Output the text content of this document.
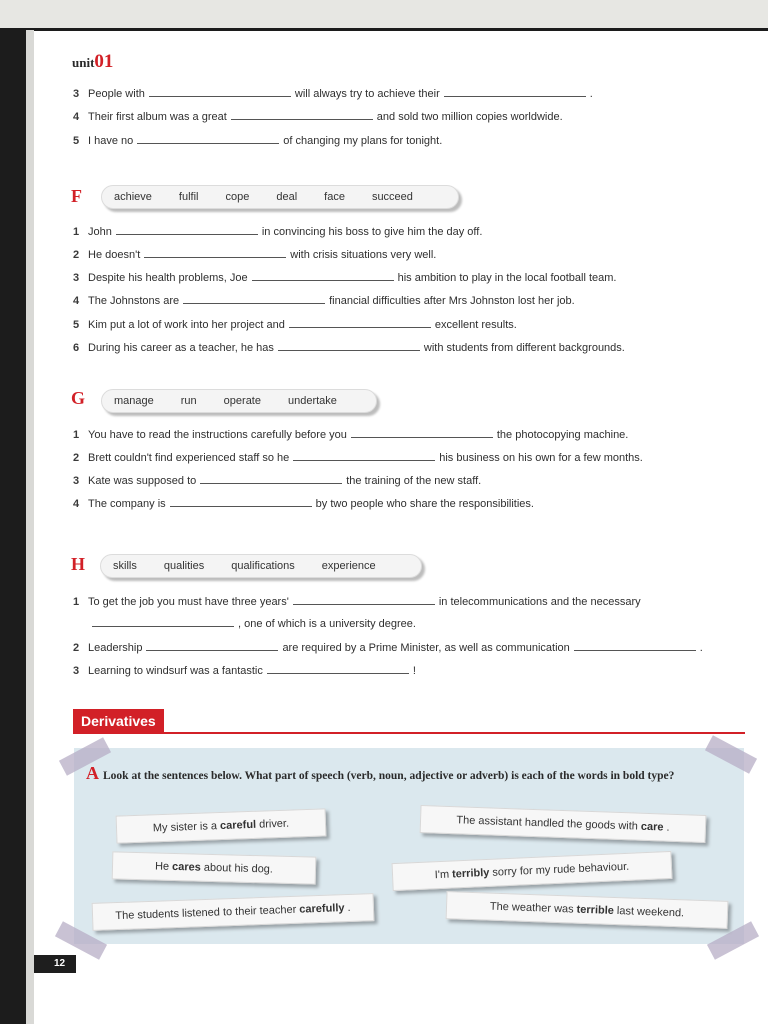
unit01
3 People with	will always try to achieve their	.
4 Their first album was a great	and sold two million copies worldwide.
5 I have no	of changing my plans for tonight.
F	achieve fulfil cope deal face succeed
1 John	in convincing his boss to give him the day off.
2 He doesn't	with crisis situations very well.
3 Despite his health problems, Joe	his ambition to play in the local football team.
4 The Johnstons are	financial difficulties after Mrs Johnston lost her job.
5 Kim put a lot of work into her project and	excellent results.
6 During his career as a teacher, he has	with students from different backgrounds.
G	manage run operate undertake
1 You have to read the instructions carefully before you	the photocopying machine.
2 Brett couldn't find experienced staff so he	his business on his own for a few months.
3 Kate was supposed to	the training of the new staff.
4 The company is	by two people who share the responsibilities.
H	skills qualities qualifications experience
1 To get the job you must have three years'	in telecommunications and the necessary
, one of which is a university degree.
2 Leadership	are required by a Prime Minister, as well as communication	.
3 Learning to windsurf was a fantastic	!
Derivatives
A Look at the sentences below. What part of speech (verb, noun, adjective or adverb) is each of the words in bold type?
My sister is a careful driver.	The assistant handled the goods with care .
He cares about his dog.	I'm terribly sorry for my rude behaviour.
The students listened to their teacher carefully .	The weather was terrible last weekend.
12
